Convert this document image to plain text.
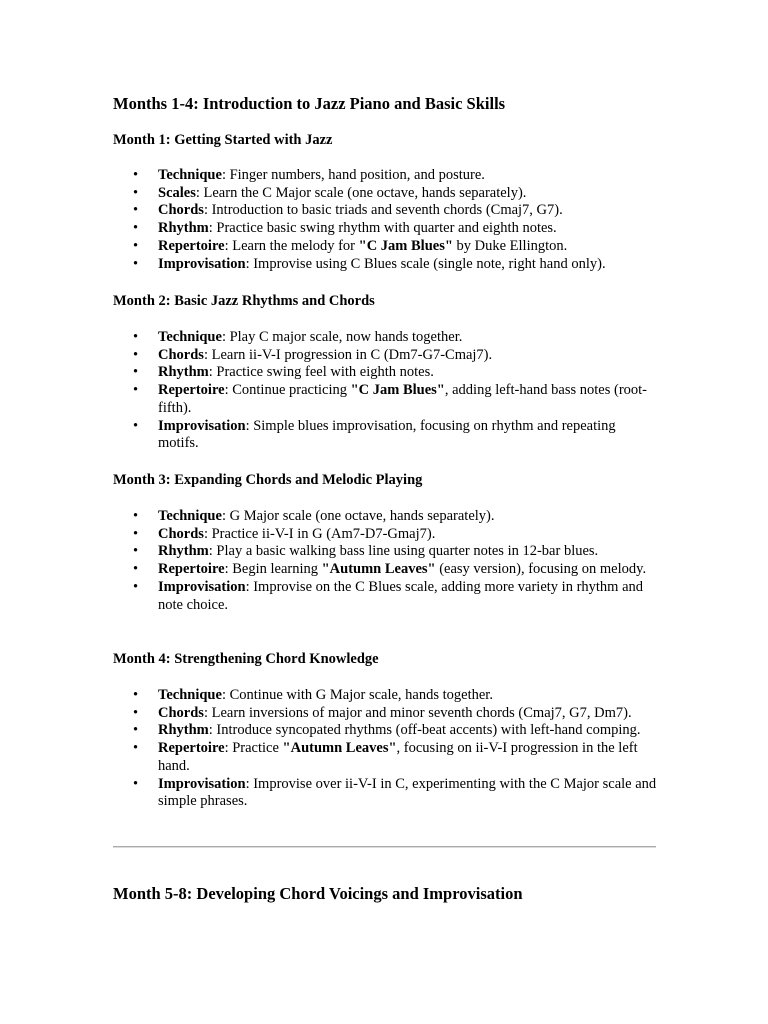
Months 1-4: Introduction to Jazz Piano and Basic Skills
Month 1: Getting Started with Jazz
• Technique: Finger numbers, hand position, and posture.
• Scales: Learn the C Major scale (one octave, hands separately).
• Chords: Introduction to basic triads and seventh chords (Cmaj7, G7).
• Rhythm: Practice basic swing rhythm with quarter and eighth notes.
• Repertoire: Learn the melody for "C Jam Blues" by Duke Ellington.
• Improvisation: Improvise using C Blues scale (single note, right hand only).
Month 2: Basic Jazz Rhythms and Chords
• Technique: Play C major scale, now hands together.
• Chords: Learn ii-V-I progression in C (Dm7-G7-Cmaj7).
• Rhythm: Practice swing feel with eighth notes.
• Repertoire: Continue practicing "C Jam Blues", adding left-hand bass notes (root-fifth).
• Improvisation: Simple blues improvisation, focusing on rhythm and repeating motifs.
Month 3: Expanding Chords and Melodic Playing
• Technique: G Major scale (one octave, hands separately).
• Chords: Practice ii-V-I in G (Am7-D7-Gmaj7).
• Rhythm: Play a basic walking bass line using quarter notes in 12-bar blues.
• Repertoire: Begin learning "Autumn Leaves" (easy version), focusing on melody.
• Improvisation: Improvise on the C Blues scale, adding more variety in rhythm and note choice.
Month 4: Strengthening Chord Knowledge
• Technique: Continue with G Major scale, hands together.
• Chords: Learn inversions of major and minor seventh chords (Cmaj7, G7, Dm7).
• Rhythm: Introduce syncopated rhythms (off-beat accents) with left-hand comping.
• Repertoire: Practice "Autumn Leaves", focusing on ii-V-I progression in the left hand.
• Improvisation: Improvise over ii-V-I in C, experimenting with the C Major scale and simple phrases.
Month 5-8: Developing Chord Voicings and Improvisation
